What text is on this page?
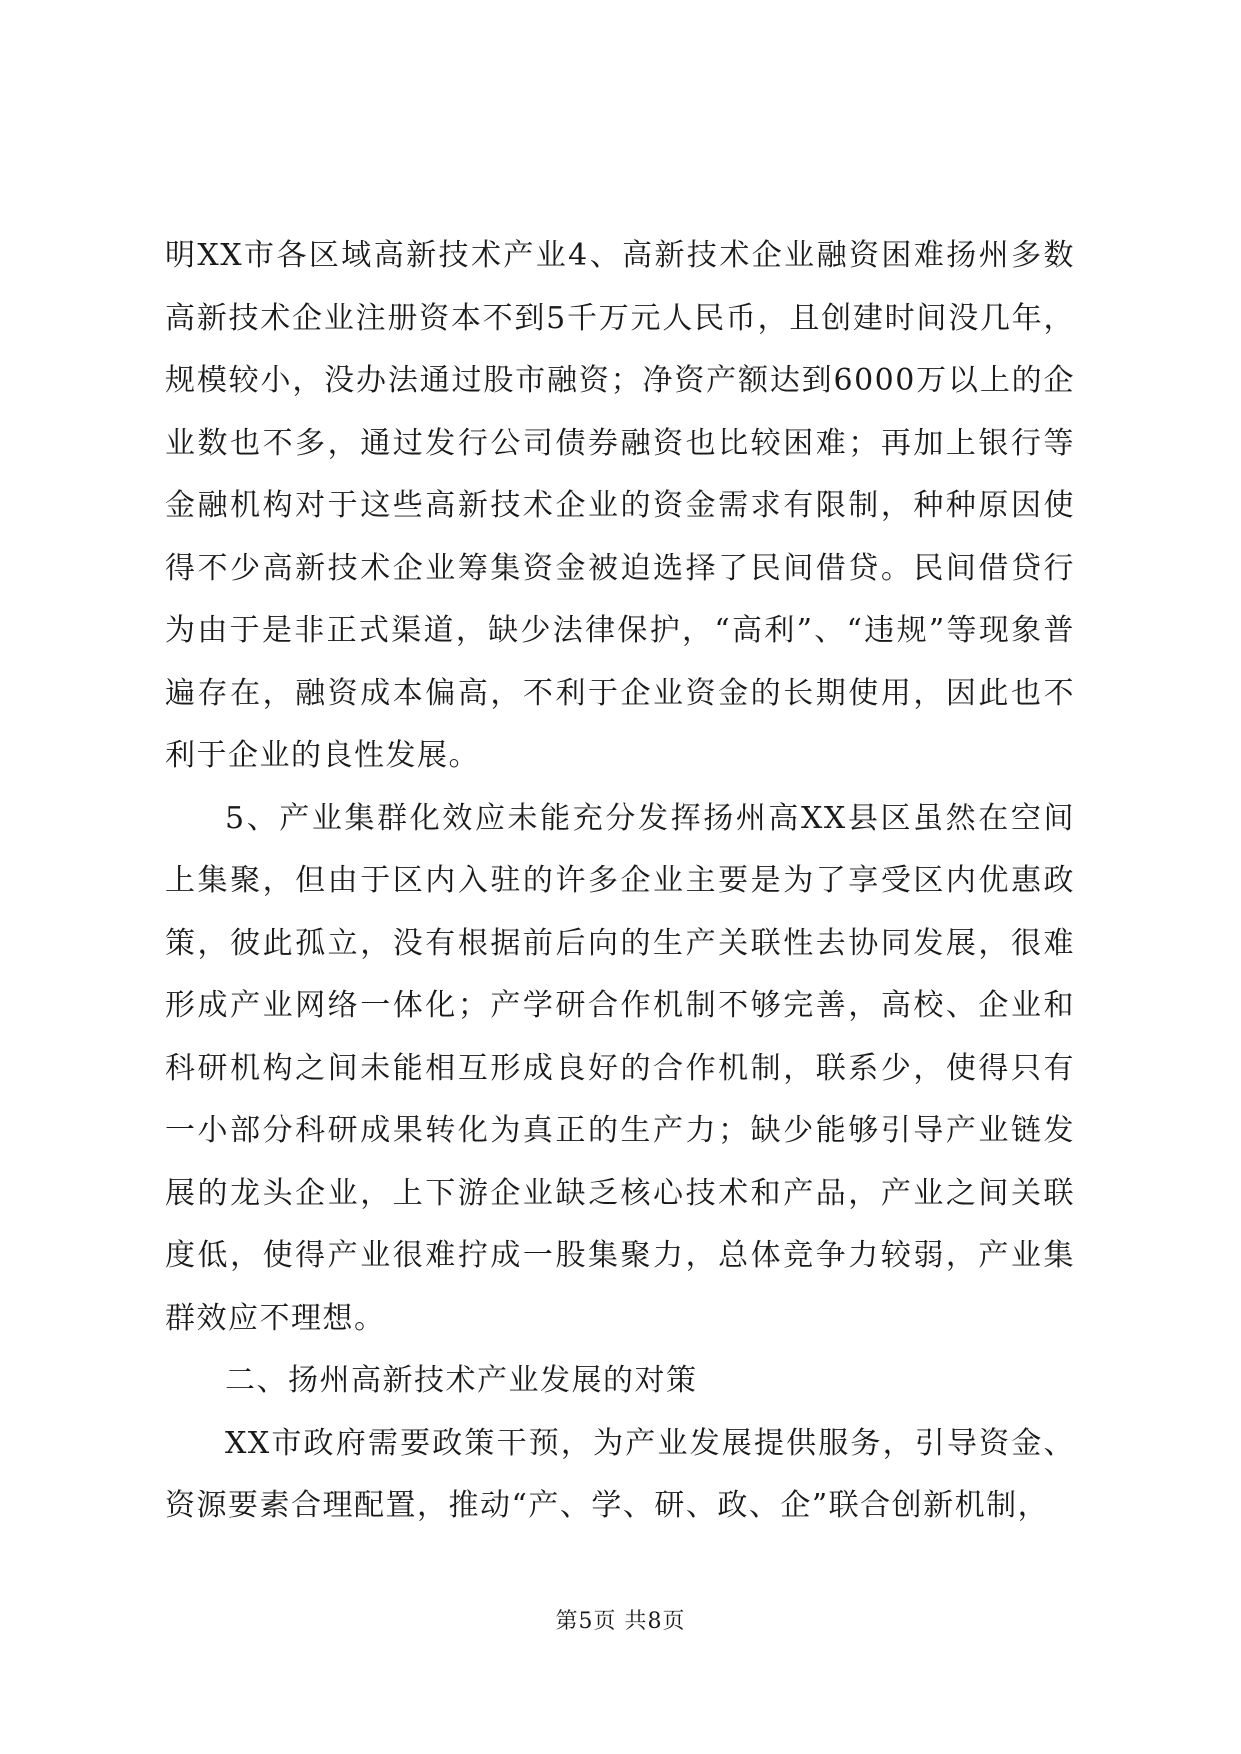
明XX市各区域高新技术产业4、高新技术企业融资困难扬州多数高新技术企业注册资本不到5千万元人民币，且创建时间没几年，规模较小，没办法通过股市融资；净资产额达到6000万以上的企业数也不多，通过发行公司债券融资也比较困难；再加上银行等金融机构对于这些高新技术企业的资金需求有限制，种种原因使得不少高新技术企业筹集资金被迫选择了民间借贷。民间借贷行为由于是非正式渠道，缺少法律保护，“高利”、“违规”等现象普遍存在，融资成本偏高，不利于企业资金的长期使用，因此也不利于企业的良性发展。

5、产业集群化效应未能充分发挥扬州高XX县区虽然在空间上集聚，但由于区内入驻的许多企业主要是为了享受区内优惠政策，彼此孤立，没有根据前后向的生产关联性去协同发展，很难形成产业网络一体化；产学研合作机制不够完善，高校、企业和科研机构之间未能相互形成良好的合作机制，联系少，使得只有一小部分科研成果转化为真正的生产力；缺少能够引导产业链发展的龙头企业，上下游企业缺乏核心技术和产品，产业之间关联度低，使得产业很难拧成一股集聚力，总体竞争力较弱，产业集群效应不理想。

二、扬州高新技术产业发展的对策

XX市政府需要政策干预，为产业发展提供服务，引导资金、资源要素合理配置，推动“产、学、研、政、企”联合创新机制，

第5页 共8页
